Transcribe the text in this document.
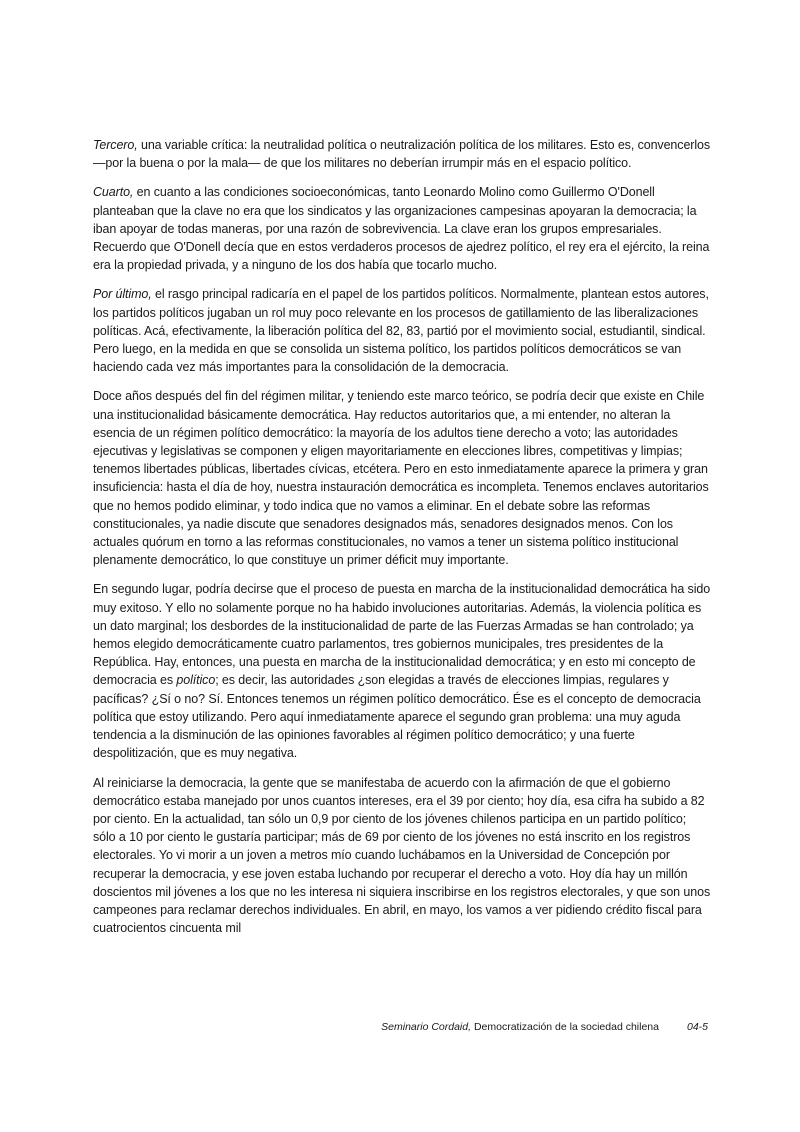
Tercero, una variable crítica: la neutralidad política o neutralización política de los militares. Esto es, convencerlos —por la buena o por la mala— de que los militares no deberían irrumpir más en el espacio político.

Cuarto, en cuanto a las condiciones socioeconómicas, tanto Leonardo Molino como Guillermo O'Donell planteaban que la clave no era que los sindicatos y las organizaciones campesinas apoyaran la democracia; la iban apoyar de todas maneras, por una razón de sobrevivencia. La clave eran los grupos empresariales. Recuerdo que O'Donell decía que en estos verdaderos procesos de ajedrez político, el rey era el ejército, la reina era la propiedad privada, y a ninguno de los dos había que tocarlo mucho.

Por último, el rasgo principal radicaría en el papel de los partidos políticos. Normalmente, plantean estos autores, los partidos políticos jugaban un rol muy poco relevante en los procesos de gatillamiento de las liberalizaciones políticas. Acá, efectivamente, la liberación política del 82, 83, partió por el movimiento social, estudiantil, sindical. Pero luego, en la medida en que se consolida un sistema político, los partidos políticos democráticos se van haciendo cada vez más importantes para la consolidación de la democracia.

Doce años después del fin del régimen militar, y teniendo este marco teórico, se podría decir que existe en Chile una institucionalidad básicamente democrática. Hay reductos autoritarios que, a mi entender, no alteran la esencia de un régimen político democrático: la mayoría de los adultos tiene derecho a voto; las autoridades ejecutivas y legislativas se componen y eligen mayoritariamente en elecciones libres, competitivas y limpias; tenemos libertades públicas, libertades cívicas, etcétera. Pero en esto inmediatamente aparece la primera y gran insuficiencia: hasta el día de hoy, nuestra instauración democrática es incompleta. Tenemos enclaves autoritarios que no hemos podido eliminar, y todo indica que no vamos a eliminar. En el debate sobre las reformas constitucionales, ya nadie discute que senadores designados más, senadores designados menos. Con los actuales quórum en torno a las reformas constitucionales, no vamos a tener un sistema político institucional plenamente democrático, lo que constituye un primer déficit muy importante.

En segundo lugar, podría decirse que el proceso de puesta en marcha de la institucionalidad democrática ha sido muy exitoso. Y ello no solamente porque no ha habido involuciones autoritarias. Además, la violencia política es un dato marginal; los desbordes de la institucionalidad de parte de las Fuerzas Armadas se han controlado; ya hemos elegido democráticamente cuatro parlamentos, tres gobiernos municipales, tres presidentes de la República. Hay, entonces, una puesta en marcha de la institucionalidad democrática; y en esto mi concepto de democracia es político; es decir, las autoridades ¿son elegidas a través de elecciones limpias, regulares y pacíficas? ¿Sí o no? Sí. Entonces tenemos un régimen político democrático. Ése es el concepto de democracia política que estoy utilizando. Pero aquí inmediatamente aparece el segundo gran problema: una muy aguda tendencia a la disminución de las opiniones favorables al régimen político democrático; y una fuerte despolitización, que es muy negativa.

Al reiniciarse la democracia, la gente que se manifestaba de acuerdo con la afirmación de que el gobierno democrático estaba manejado por unos cuantos intereses, era el 39 por ciento; hoy día, esa cifra ha subido a 82 por ciento. En la actualidad, tan sólo un 0,9 por ciento de los jóvenes chilenos participa en un partido político; sólo a 10 por ciento le gustaría participar; más de 69 por ciento de los jóvenes no está inscrito en los registros electorales. Yo vi morir a un joven a metros mío cuando luchábamos en la Universidad de Concepción por recuperar la democracia, y ese joven estaba luchando por recuperar el derecho a voto. Hoy día hay un millón doscientos mil jóvenes a los que no les interesa ni siquiera inscribirse en los registros electorales, y que son unos campeones para reclamar derechos individuales. En abril, en mayo, los vamos a ver pidiendo crédito fiscal para cuatrocientos cincuenta mil

Seminario Cordaid, Democratización de la sociedad chilena	04-5
